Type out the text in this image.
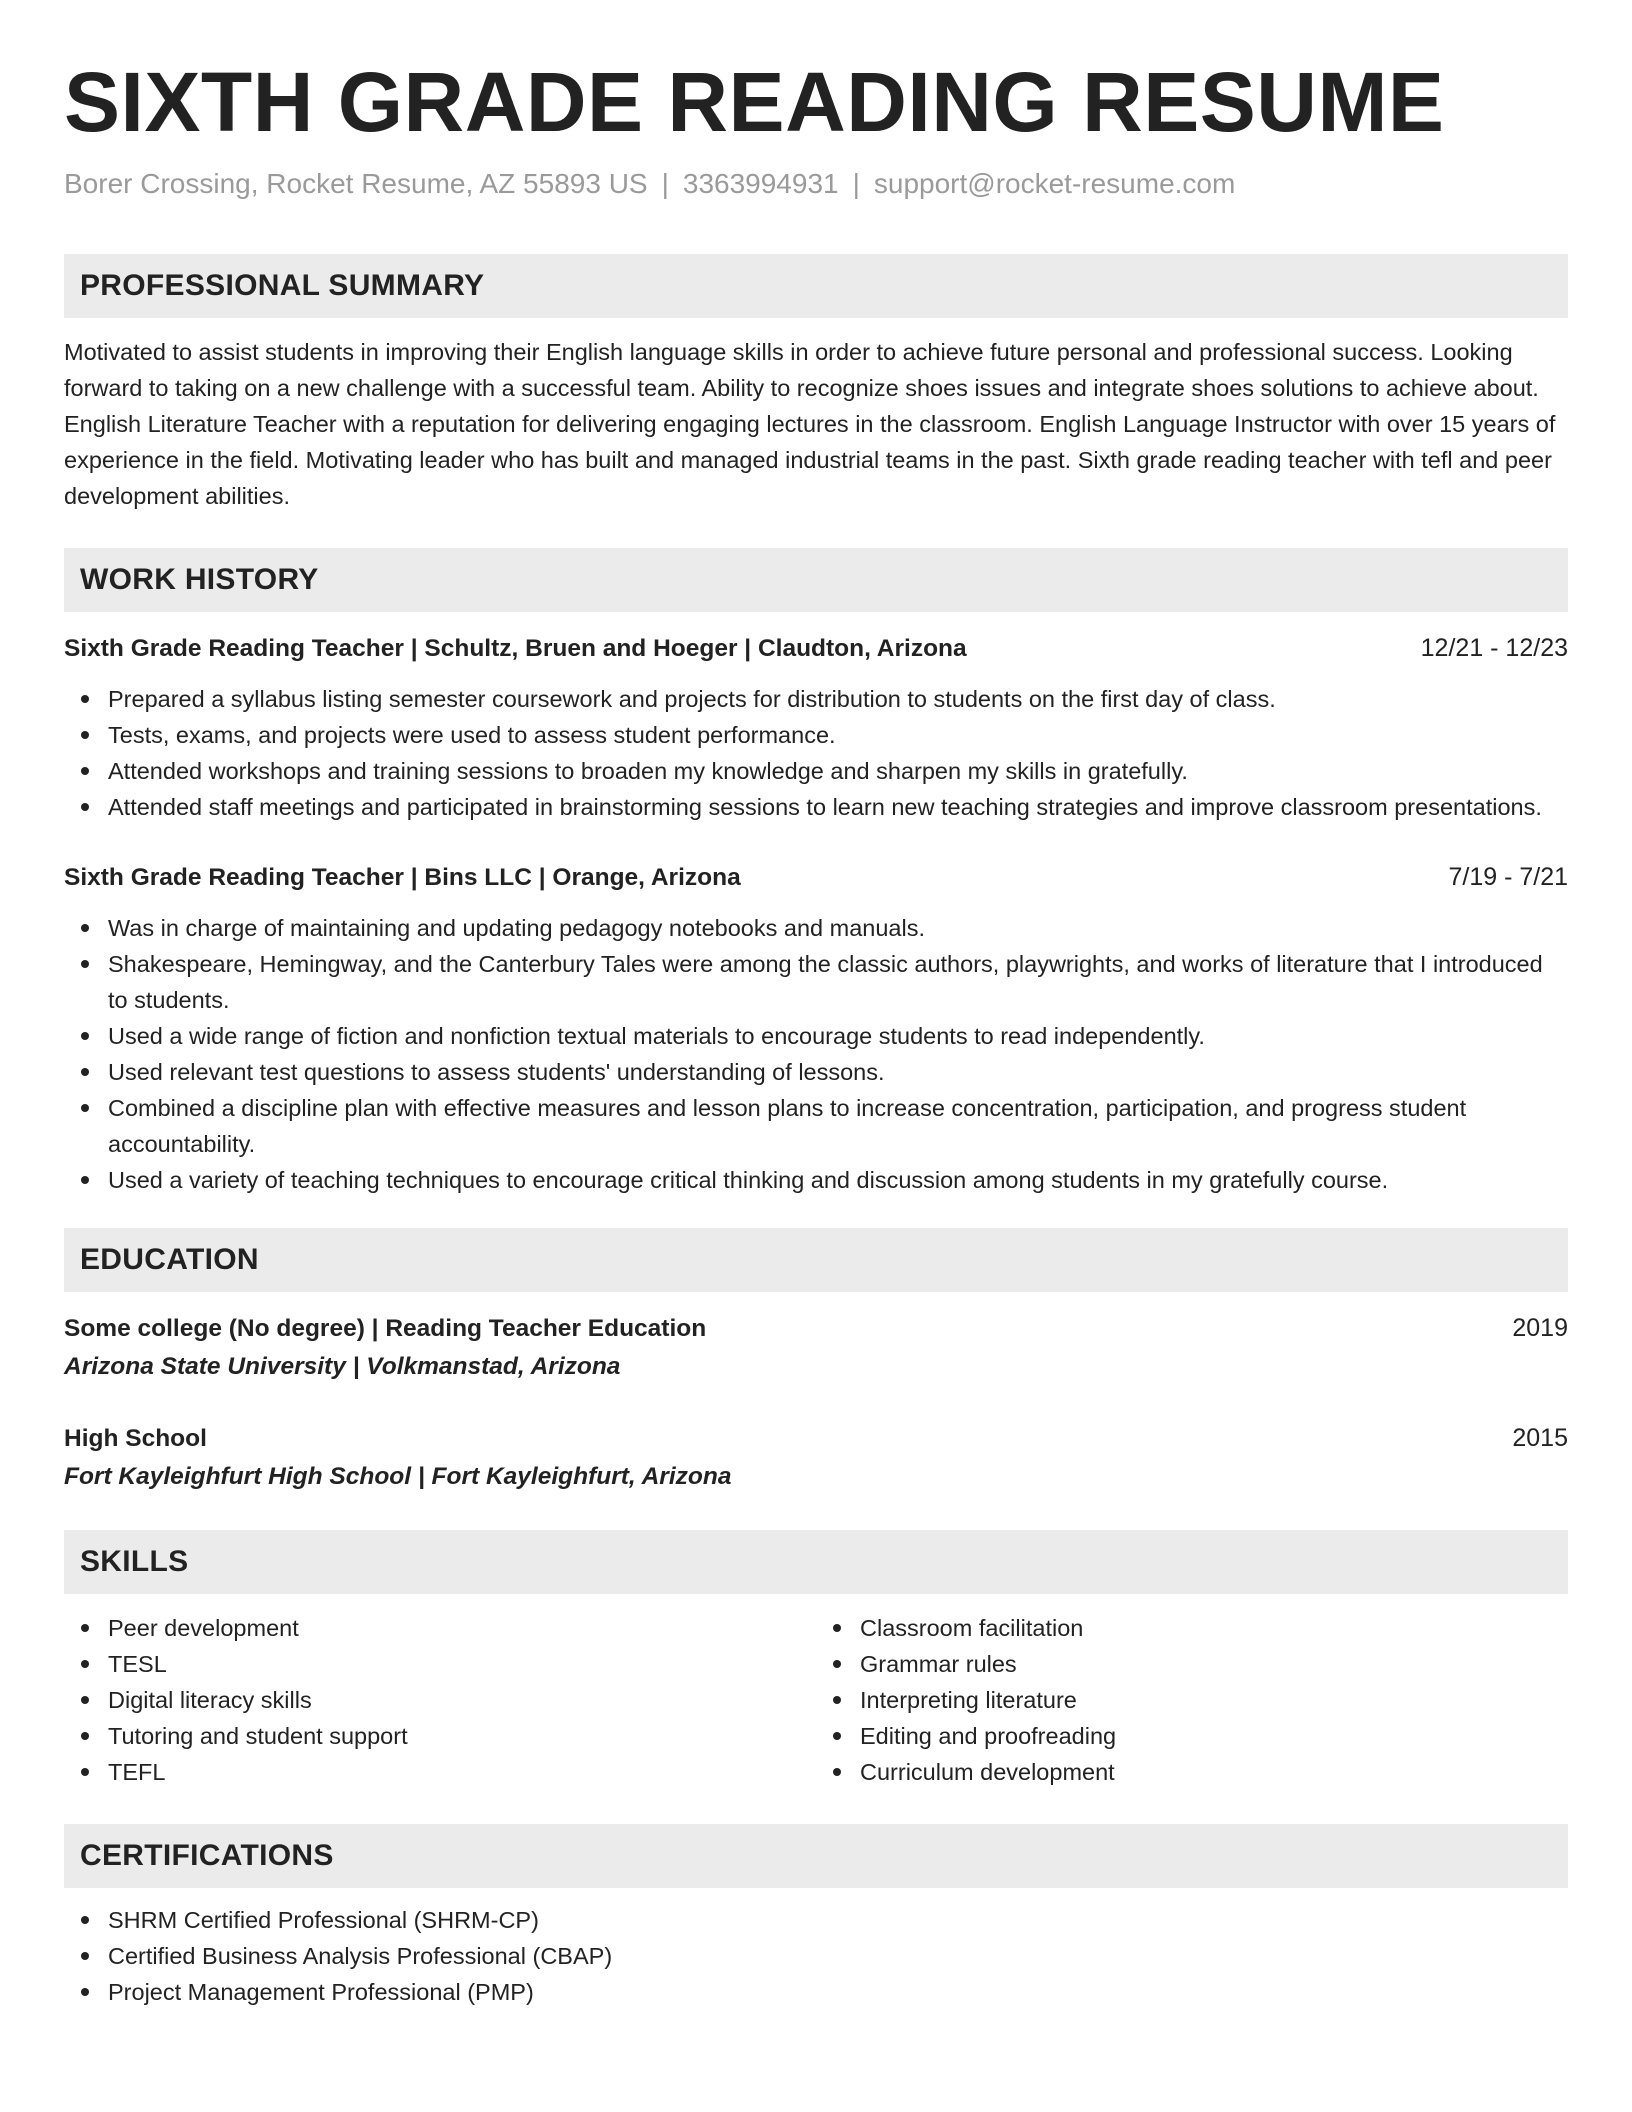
SIXTH GRADE READING RESUME
Borer Crossing, Rocket Resume, AZ 55893 US | 3363994931 | support@rocket-resume.com
PROFESSIONAL SUMMARY
Motivated to assist students in improving their English language skills in order to achieve future personal and professional success. Looking forward to taking on a new challenge with a successful team. Ability to recognize shoes issues and integrate shoes solutions to achieve about. English Literature Teacher with a reputation for delivering engaging lectures in the classroom. English Language Instructor with over 15 years of experience in the field. Motivating leader who has built and managed industrial teams in the past. Sixth grade reading teacher with tefl and peer development abilities.
WORK HISTORY
Sixth Grade Reading Teacher | Schultz, Bruen and Hoeger | Claudton, Arizona	12/21 - 12/23
Prepared a syllabus listing semester coursework and projects for distribution to students on the first day of class.
Tests, exams, and projects were used to assess student performance.
Attended workshops and training sessions to broaden my knowledge and sharpen my skills in gratefully.
Attended staff meetings and participated in brainstorming sessions to learn new teaching strategies and improve classroom presentations.
Sixth Grade Reading Teacher | Bins LLC | Orange, Arizona	7/19 - 7/21
Was in charge of maintaining and updating pedagogy notebooks and manuals.
Shakespeare, Hemingway, and the Canterbury Tales were among the classic authors, playwrights, and works of literature that I introduced to students.
Used a wide range of fiction and nonfiction textual materials to encourage students to read independently.
Used relevant test questions to assess students' understanding of lessons.
Combined a discipline plan with effective measures and lesson plans to increase concentration, participation, and progress student accountability.
Used a variety of teaching techniques to encourage critical thinking and discussion among students in my gratefully course.
EDUCATION
Some college (No degree) | Reading Teacher Education	2019
Arizona State University | Volkmanstad, Arizona
High School	2015
Fort Kayleighfurt High School | Fort Kayleighfurt, Arizona
SKILLS
Peer development
TESL
Digital literacy skills
Tutoring and student support
TEFL
Classroom facilitation
Grammar rules
Interpreting literature
Editing and proofreading
Curriculum development
CERTIFICATIONS
SHRM Certified Professional (SHRM-CP)
Certified Business Analysis Professional (CBAP)
Project Management Professional (PMP)
